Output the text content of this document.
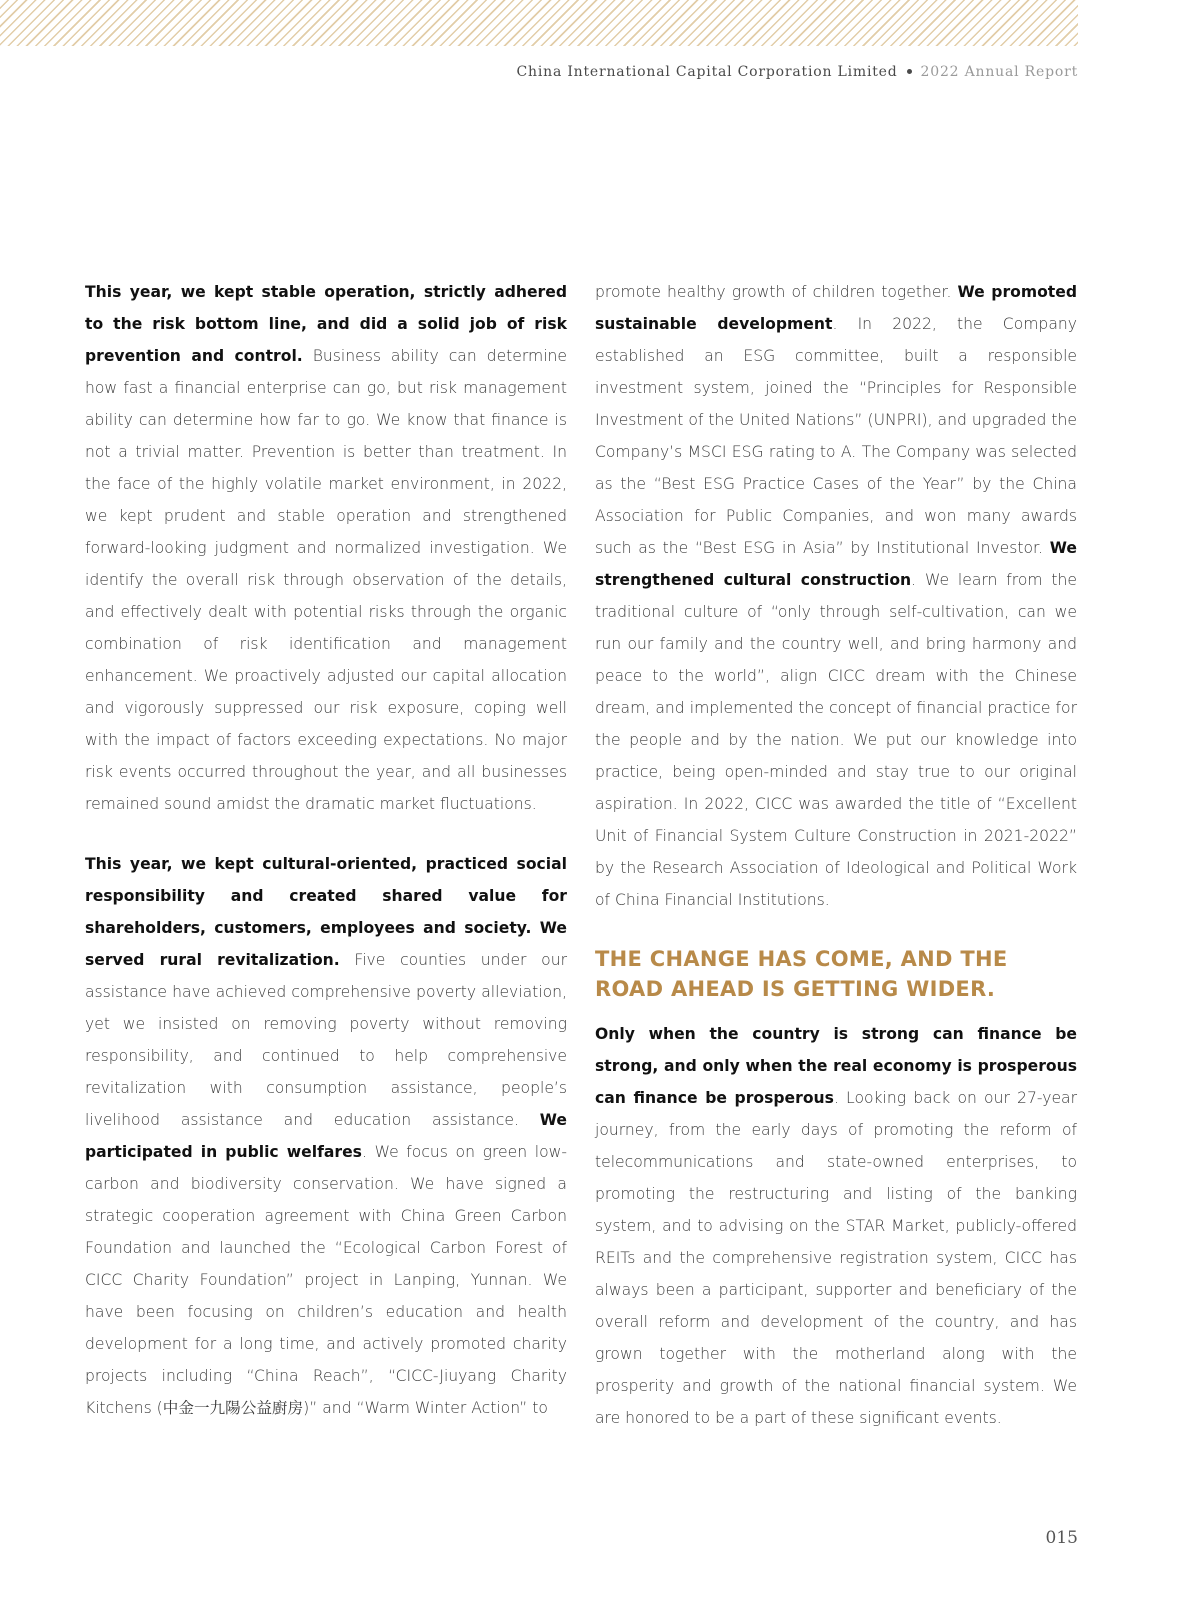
China International Capital Corporation Limited 2022 Annual Report

This year, we kept stable operation, strictly adhered to the risk bottom line, and did a solid job of risk prevention and control. Business ability can determine how fast a financial enterprise can go, but risk management ability can determine how far to go. We know that finance is not a trivial matter. Prevention is better than treatment. In the face of the highly volatile market environment, in 2022, we kept prudent and stable operation and strengthened forward-looking judgment and normalized investigation. We identify the overall risk through observation of the details, and effectively dealt with potential risks through the organic combination of risk identification and management enhancement. We proactively adjusted our capital allocation and vigorously suppressed our risk exposure, coping well with the impact of factors exceeding expectations. No major risk events occurred throughout the year, and all businesses remained sound amidst the dramatic market fluctuations.

This year, we kept cultural-oriented, practiced social responsibility and created shared value for shareholders, customers, employees and society. We served rural revitalization. Five counties under our assistance have achieved comprehensive poverty alleviation, yet we insisted on removing poverty without removing responsibility, and continued to help comprehensive revitalization with consumption assistance, people’s livelihood assistance and education assistance. We participated in public welfares. We focus on green low-carbon and biodiversity conservation. We have signed a strategic cooperation agreement with China Green Carbon Foundation and launched the “Ecological Carbon Forest of CICC Charity Foundation” project in Lanping, Yunnan. We have been focusing on children’s education and health development for a long time, and actively promoted charity projects including “China Reach”, “CICC-Jiuyang Charity Kitchens (中金一九陽公益廚房)” and “Warm Winter Action” to

promote healthy growth of children together. We promoted sustainable development. In 2022, the Company established an ESG committee, built a responsible investment system, joined the “Principles for Responsible Investment of the United Nations” (UNPRI), and upgraded the Company’s MSCI ESG rating to A. The Company was selected as the “Best ESG Practice Cases of the Year” by the China Association for Public Companies, and won many awards such as the “Best ESG in Asia” by Institutional Investor. We strengthened cultural construction. We learn from the traditional culture of “only through self-cultivation, can we run our family and the country well, and bring harmony and peace to the world”, align CICC dream with the Chinese dream, and implemented the concept of financial practice for the people and by the nation. We put our knowledge into practice, being open-minded and stay true to our original aspiration. In 2022, CICC was awarded the title of “Excellent Unit of Financial System Culture Construction in 2021-2022” by the Research Association of Ideological and Political Work of China Financial Institutions.

THE CHANGE HAS COME, AND THE ROAD AHEAD IS GETTING WIDER.

Only when the country is strong can finance be strong, and only when the real economy is prosperous can finance be prosperous. Looking back on our 27-year journey, from the early days of promoting the reform of telecommunications and state-owned enterprises, to promoting the restructuring and listing of the banking system, and to advising on the STAR Market, publicly-offered REITs and the comprehensive registration system, CICC has always been a participant, supporter and beneficiary of the overall reform and development of the country, and has grown together with the motherland along with the prosperity and growth of the national financial system. We are honored to be a part of these significant events.

015
